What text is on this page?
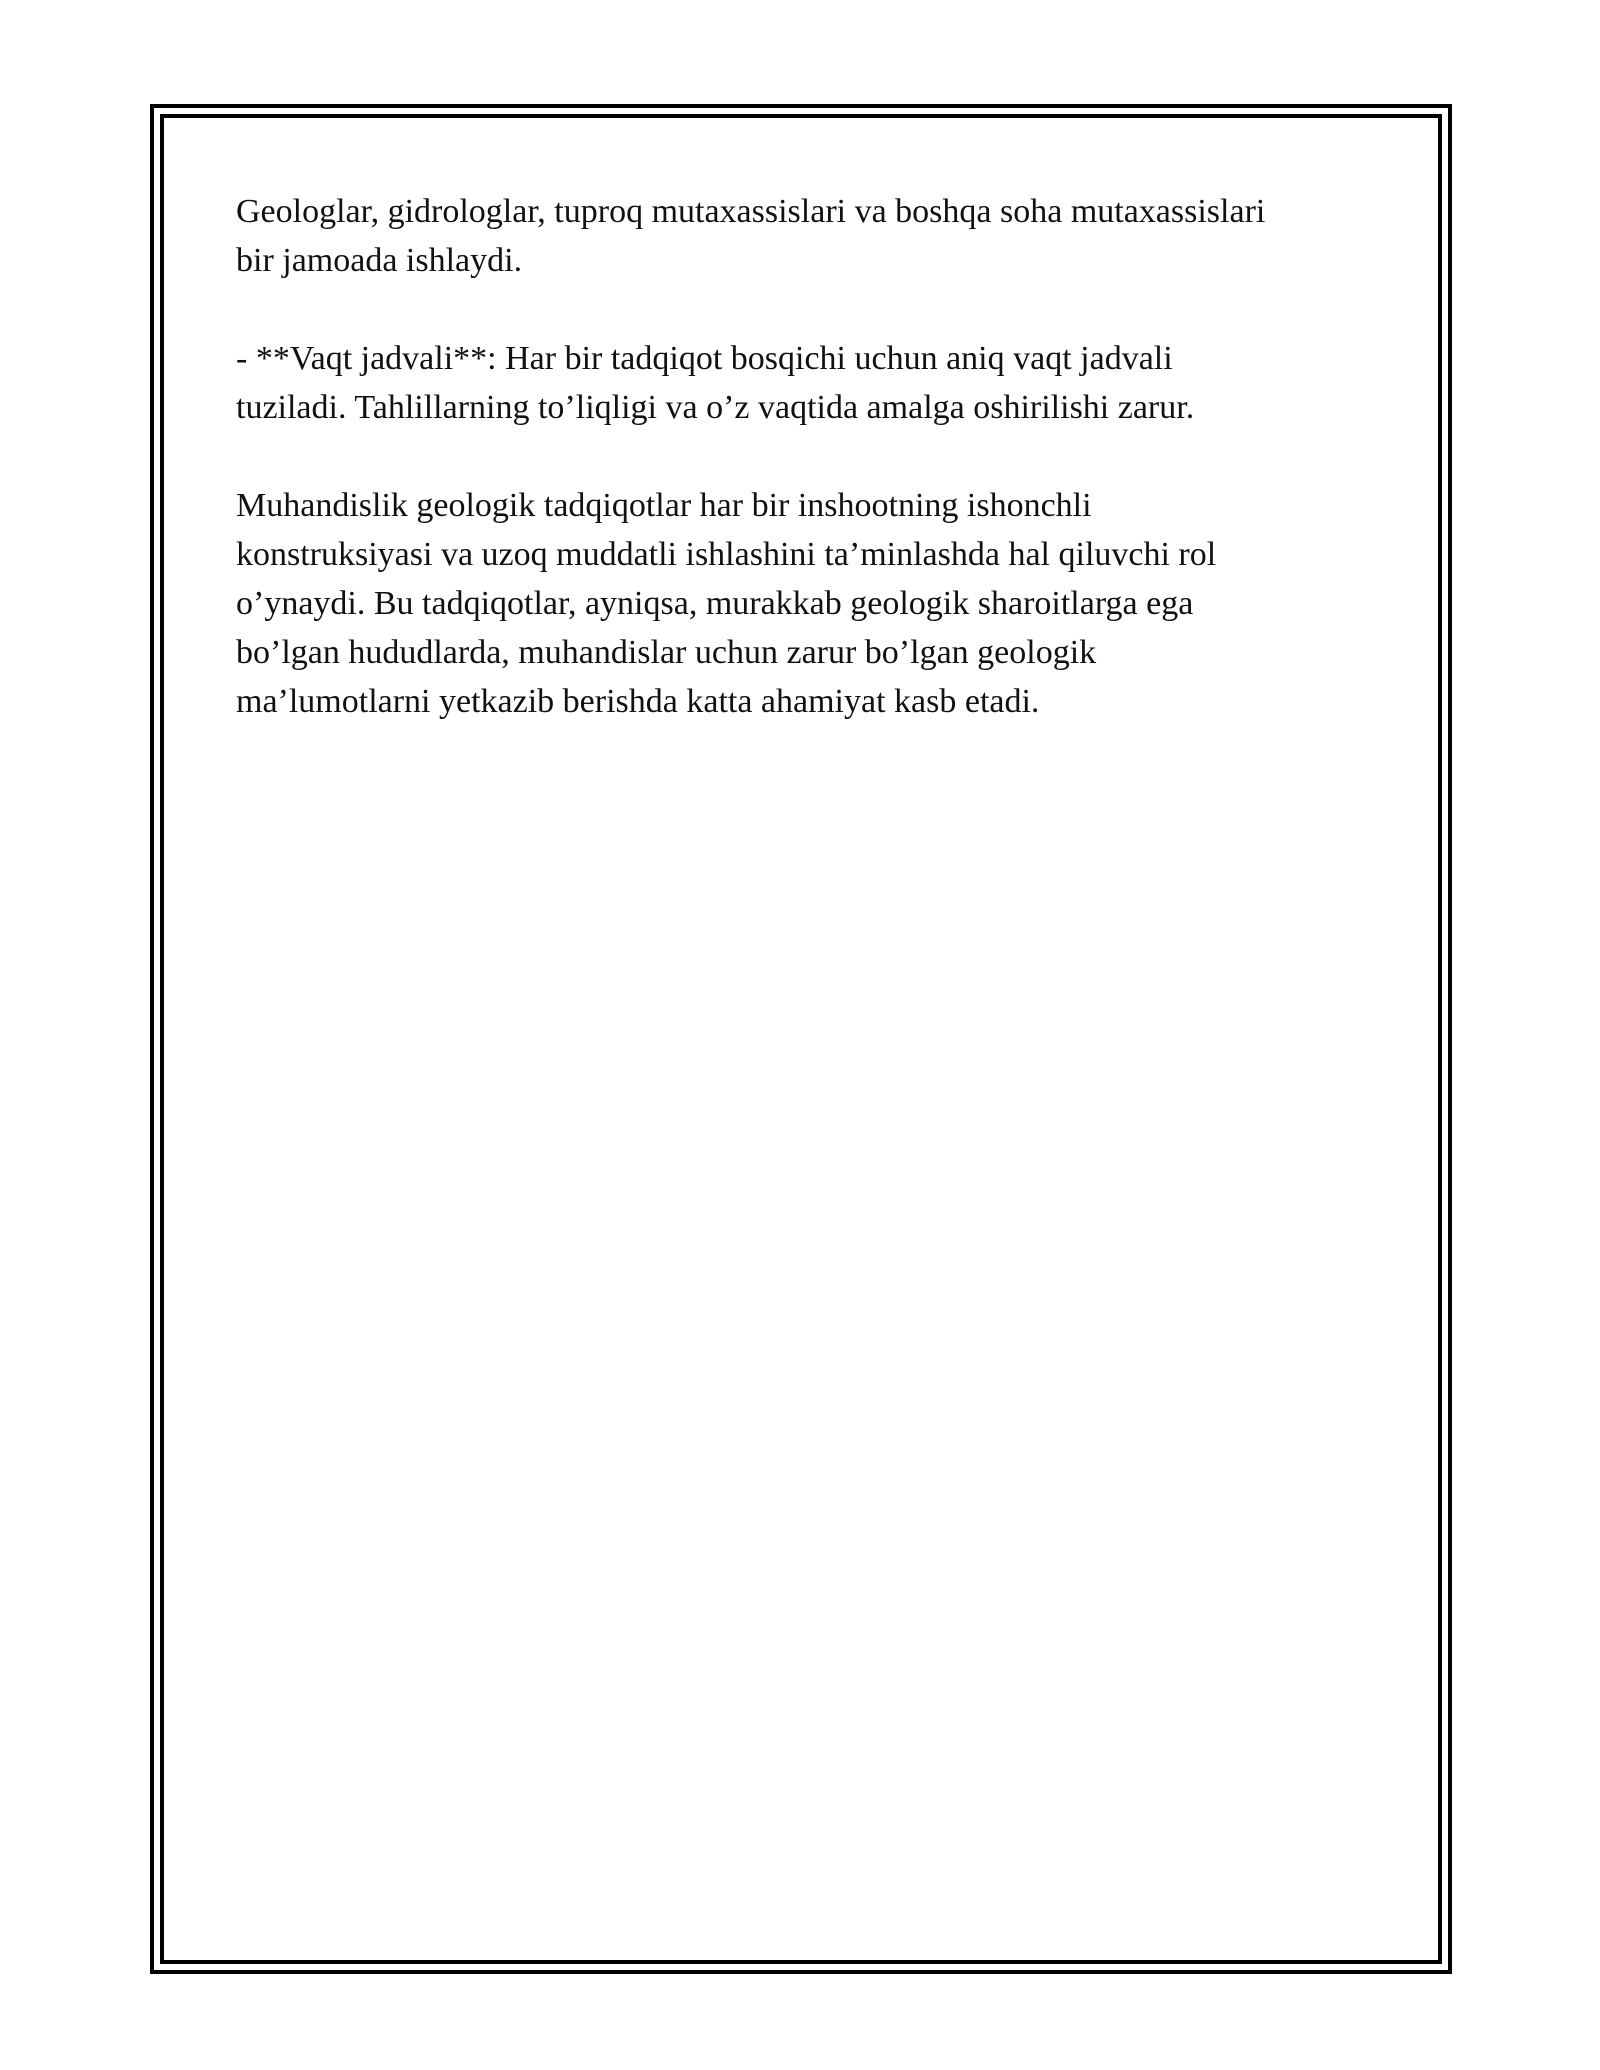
Geologlar, gidrologlar, tuproq mutaxassislari va boshqa soha mutaxassislari
bir jamoada ishlaydi.

- **Vaqt jadvali**: Har bir tadqiqot bosqichi uchun aniq vaqt jadvali
tuziladi. Tahlillarning to’liqligi va o’z vaqtida amalga oshirilishi zarur.

Muhandislik geologik tadqiqotlar har bir inshootning ishonchli
konstruksiyasi va uzoq muddatli ishlashini ta’minlashda hal qiluvchi rol
o’ynaydi. Bu tadqiqotlar, ayniqsa, murakkab geologik sharoitlarga ega
bo’lgan hududlarda, muhandislar uchun zarur bo’lgan geologik
ma’lumotlarni yetkazib berishda katta ahamiyat kasb etadi.
